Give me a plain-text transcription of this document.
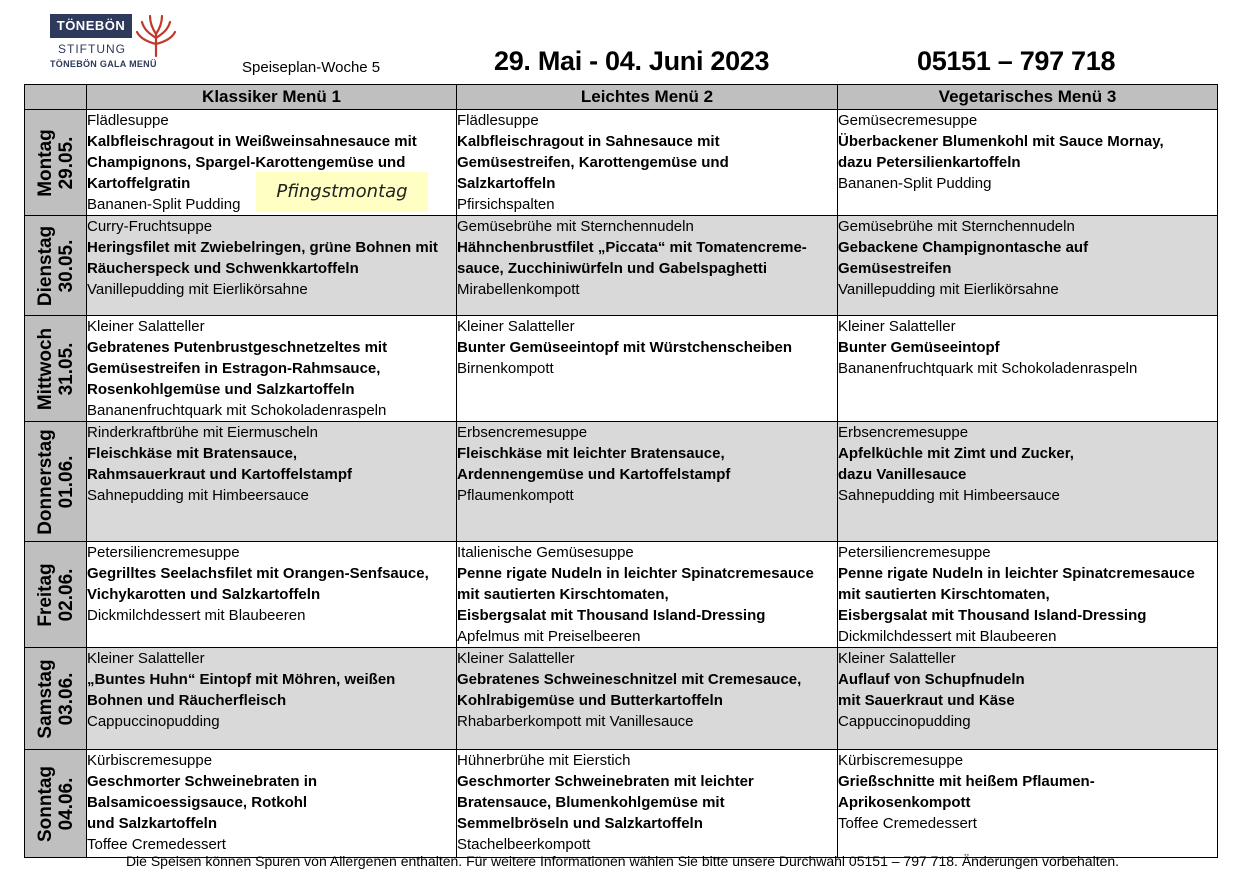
TÖNEBÖN
STIFTUNG
TÖNEBÖN GALA MENÜ	Speiseplan-Woche 5	29. Mai - 04. Juni 2023	05151 – 797 718
	Klassiker Menü 1	Leichtes Menü 2	Vegetarisches Menü 3

Montag 29.05.	Flädlesuppe
Kalbfleischragout in Weißweinsahnesauce mit
Champignons, Spargel-Karottengemüse und
Kartoffelgratin
Bananen-Split Pudding	Flädlesuppe
Kalbfleischragout in Sahnesauce mit
Gemüsestreifen, Karottengemüse und
Salzkartoffeln
Pfirsichspalten	Gemüsecremesuppe
Überbackener Blumenkohl mit Sauce Mornay,
dazu Petersilienkartoffeln
Bananen-Split Pudding

Dienstag 30.05.	Curry-Fruchtsuppe
Heringsfilet mit Zwiebelringen, grüne Bohnen mit
Räucherspeck und Schwenkkartoffeln
Vanillepudding mit Eierlikörsahne	Gemüsebrühe mit Sternchennudeln
Hähnchenbrustfilet „Piccata“ mit Tomatencreme-
sauce, Zucchiniwürfeln und Gabelspaghetti
Mirabellenkompott	Gemüsebrühe mit Sternchennudeln
Gebackene Champignontasche auf
Gemüsestreifen
Vanillepudding mit Eierlikörsahne

Mittwoch 31.05.	Kleiner Salatteller
Gebratenes Putenbrustgeschnetzeltes mit
Gemüsestreifen in Estragon-Rahmsauce,
Rosenkohlgemüse und Salzkartoffeln
Bananenfruchtquark mit Schokoladenraspeln	Kleiner Salatteller
Bunter Gemüseeintopf mit Würstchenscheiben
Birnenkompott	Kleiner Salatteller
Bunter Gemüseeintopf
Bananenfruchtquark mit Schokoladenraspeln

Donnerstag 01.06.	Rinderkraftbrühe mit Eiermuscheln
Fleischkäse mit Bratensauce,
Rahmsauerkraut und Kartoffelstampf
Sahnepudding mit Himbeersauce	Erbsencremesuppe
Fleischkäse mit leichter Bratensauce,
Ardennengemüse und Kartoffelstampf
Pflaumenkompott	Erbsencremesuppe
Apfelküchle mit Zimt und Zucker,
dazu Vanillesauce
Sahnepudding mit Himbeersauce

Freitag 02.06.	Petersiliencremesuppe
Gegrilltes Seelachsfilet mit Orangen-Senfsauce,
Vichykarotten und Salzkartoffeln
Dickmilchdessert mit Blaubeeren	Italienische Gemüsesuppe
Penne rigate Nudeln in leichter Spinatcremesauce
mit sautierten Kirschtomaten,
Eisbergsalat mit Thousand Island-Dressing
Apfelmus mit Preiselbeeren	Petersiliencremesuppe
Penne rigate Nudeln in leichter Spinatcremesauce
mit sautierten Kirschtomaten,
Eisbergsalat mit Thousand Island-Dressing
Dickmilchdessert mit Blaubeeren

Samstag 03.06.	Kleiner Salatteller
„Buntes Huhn“ Eintopf mit Möhren, weißen
Bohnen und Räucherfleisch
Cappuccinopudding	Kleiner Salatteller
Gebratenes Schweineschnitzel mit Cremesauce,
Kohlrabigemüse und Butterkartoffeln
Rhabarberkompott mit Vanillesauce	Kleiner Salatteller
Auflauf von Schupfnudeln
mit Sauerkraut und Käse
Cappuccinopudding

Sonntag 04.06.	Kürbiscremesuppe
Geschmorter Schweinebraten in
Balsamicoessigsauce, Rotkohl
und Salzkartoffeln
Toffee Cremedessert	Hühnerbrühe mit Eierstich
Geschmorter Schweinebraten mit leichter
Bratensauce, Blumenkohlgemüse mit
Semmelbröseln und Salzkartoffeln
Stachelbeerkompott	Kürbiscremesuppe
Grießschnitte mit heißem Pflaumen-
Aprikosenkompott
Toffee Cremedessert
Pfingstmontag
Die Speisen können Spuren von Allergenen enthalten. Für weitere Informationen wählen Sie bitte unsere Durchwahl 05151 – 797 718. Änderungen vorbehalten.
